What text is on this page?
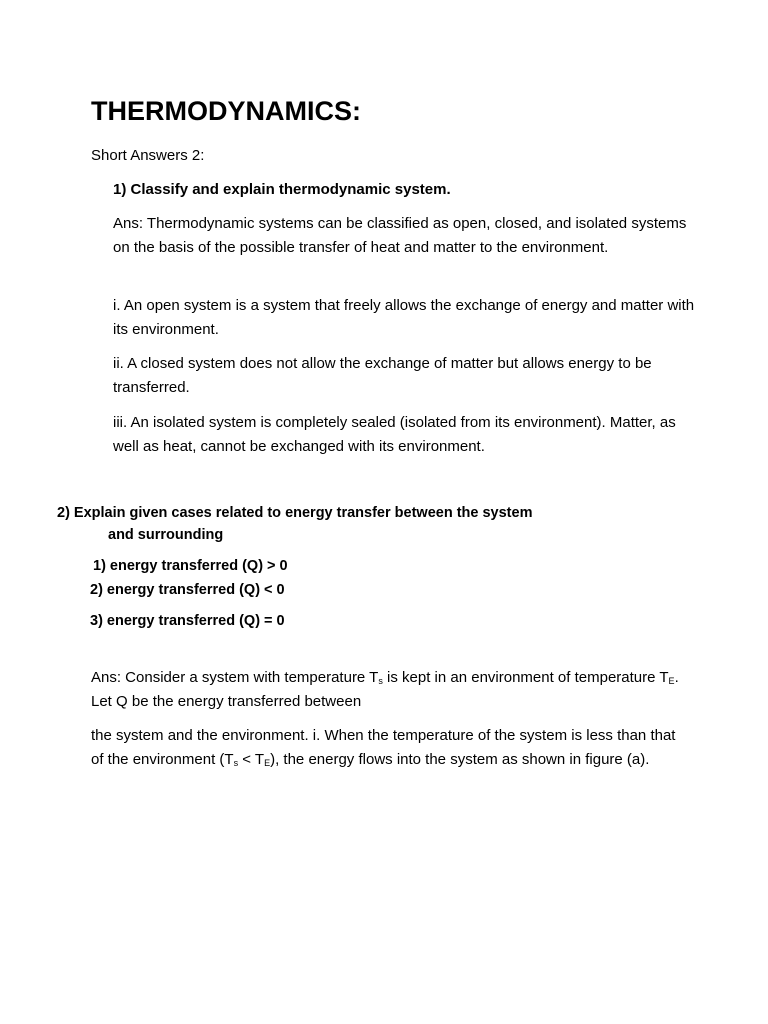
THERMODYNAMICS:

Short Answers 2:

1) Classify and explain thermodynamic system.

Ans: Thermodynamic systems can be classified as open, closed, and isolated systems on the basis of the possible transfer of heat and matter to the environment.

i. An open system is a system that freely allows the exchange of energy and matter with its environment.

ii. A closed system does not allow the exchange of matter but allows energy to be transferred.

iii. An isolated system is completely sealed (isolated from its environment). Matter, as well as heat, cannot be exchanged with its environment.

2) Explain given cases related to energy transfer between the system

and surrounding

1) energy transferred (Q) > 0

2) energy transferred (Q) < 0

3) energy transferred (Q) = 0

Ans: Consider a system with temperature $T_s$ is kept in an environment of temperature $T_E$. Let Q be the energy transferred between

the system and the environment. i. When the temperature of the system is less than that of the environment $(T_s < T_E)$, the energy flows into the system as shown in figure (a).
